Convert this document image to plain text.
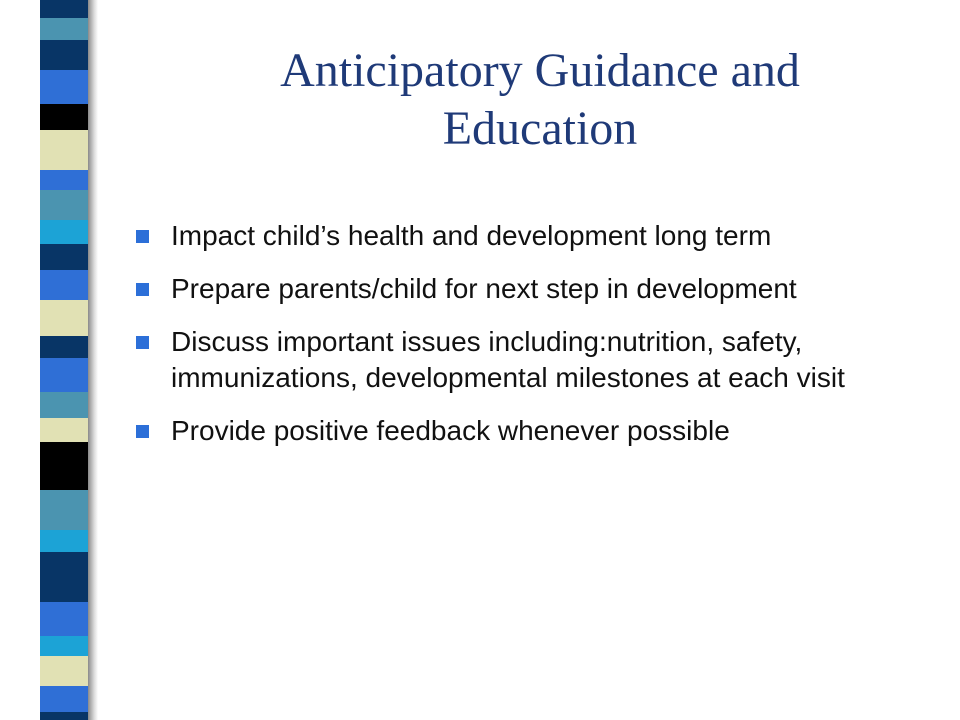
Anticipatory Guidance and
Education
Impact child’s health and development long term
Prepare parents/child for next step in development
Discuss important issues including:nutrition, safety, immunizations, developmental milestones at each visit
Provide positive feedback whenever possible
